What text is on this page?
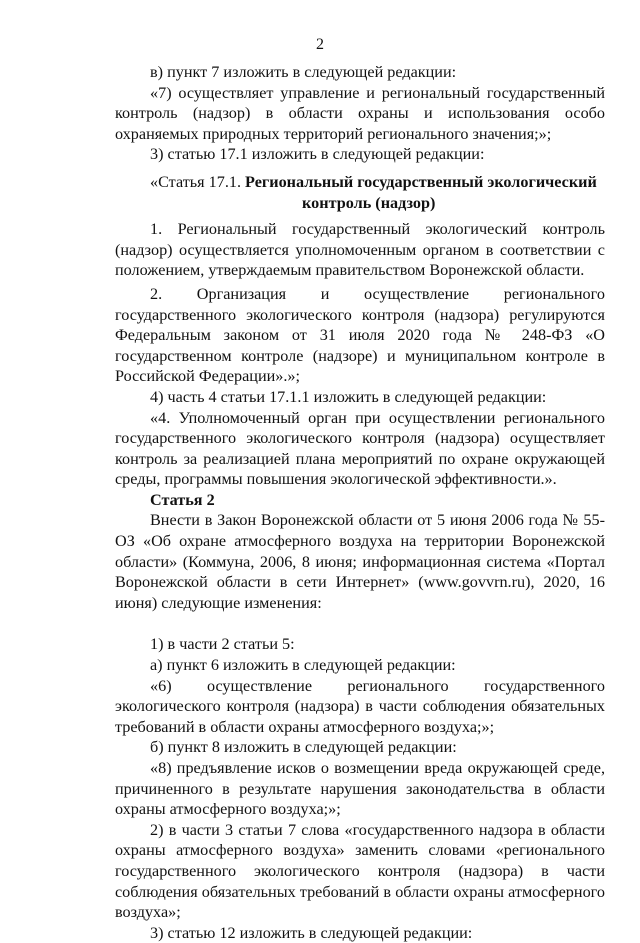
2

в) пункт 7 изложить в следующей редакции:

«7) осуществляет управление и региональный государственный контроль (надзор) в области охраны и использования особо охраняемых природных территорий регионального значения;»;

3) статью 17.1 изложить в следующей редакции:

«Статья 17.1. Региональный государственный экологический
контроль (надзор)

1. Региональный государственный экологический контроль (надзор) осуществляется уполномоченным органом в соответствии с положением, утверждаемым правительством Воронежской области.

2. Организация и осуществление регионального государственного экологического контроля (надзора) регулируются Федеральным законом от 31 июля 2020 года № 248-ФЗ «О государственном контроле (надзоре) и муниципальном контроле в Российской Федерации».»;

4) часть 4 статьи 17.1.1 изложить в следующей редакции:

«4. Уполномоченный орган при осуществлении регионального государственного экологического контроля (надзора) осуществляет контроль за реализацией плана мероприятий по охране окружающей среды, программы повышения экологической эффективности.».

Статья 2

Внести в Закон Воронежской области от 5 июня 2006 года № 55-ОЗ «Об охране атмосферного воздуха на территории Воронежской области» (Коммуна, 2006, 8 июня; информационная система «Портал Воронежской области в сети Интернет» (www.govvrn.ru), 2020, 16 июня) следующие изменения:

1) в части 2 статьи 5:

а) пункт 6 изложить в следующей редакции:

«6) осуществление регионального государственного экологического контроля (надзора) в части соблюдения обязательных требований в области охраны атмосферного воздуха;»;

б) пункт 8 изложить в следующей редакции:

«8) предъявление исков о возмещении вреда окружающей среде, причиненного в результате нарушения законодательства в области охраны атмосферного воздуха;»;

2) в части 3 статьи 7 слова «государственного надзора в области охраны атмосферного воздуха» заменить словами «регионального государственного экологического контроля (надзора) в части соблюдения обязательных требований в области охраны атмосферного воздуха»;

3) статью 12 изложить в следующей редакции:
